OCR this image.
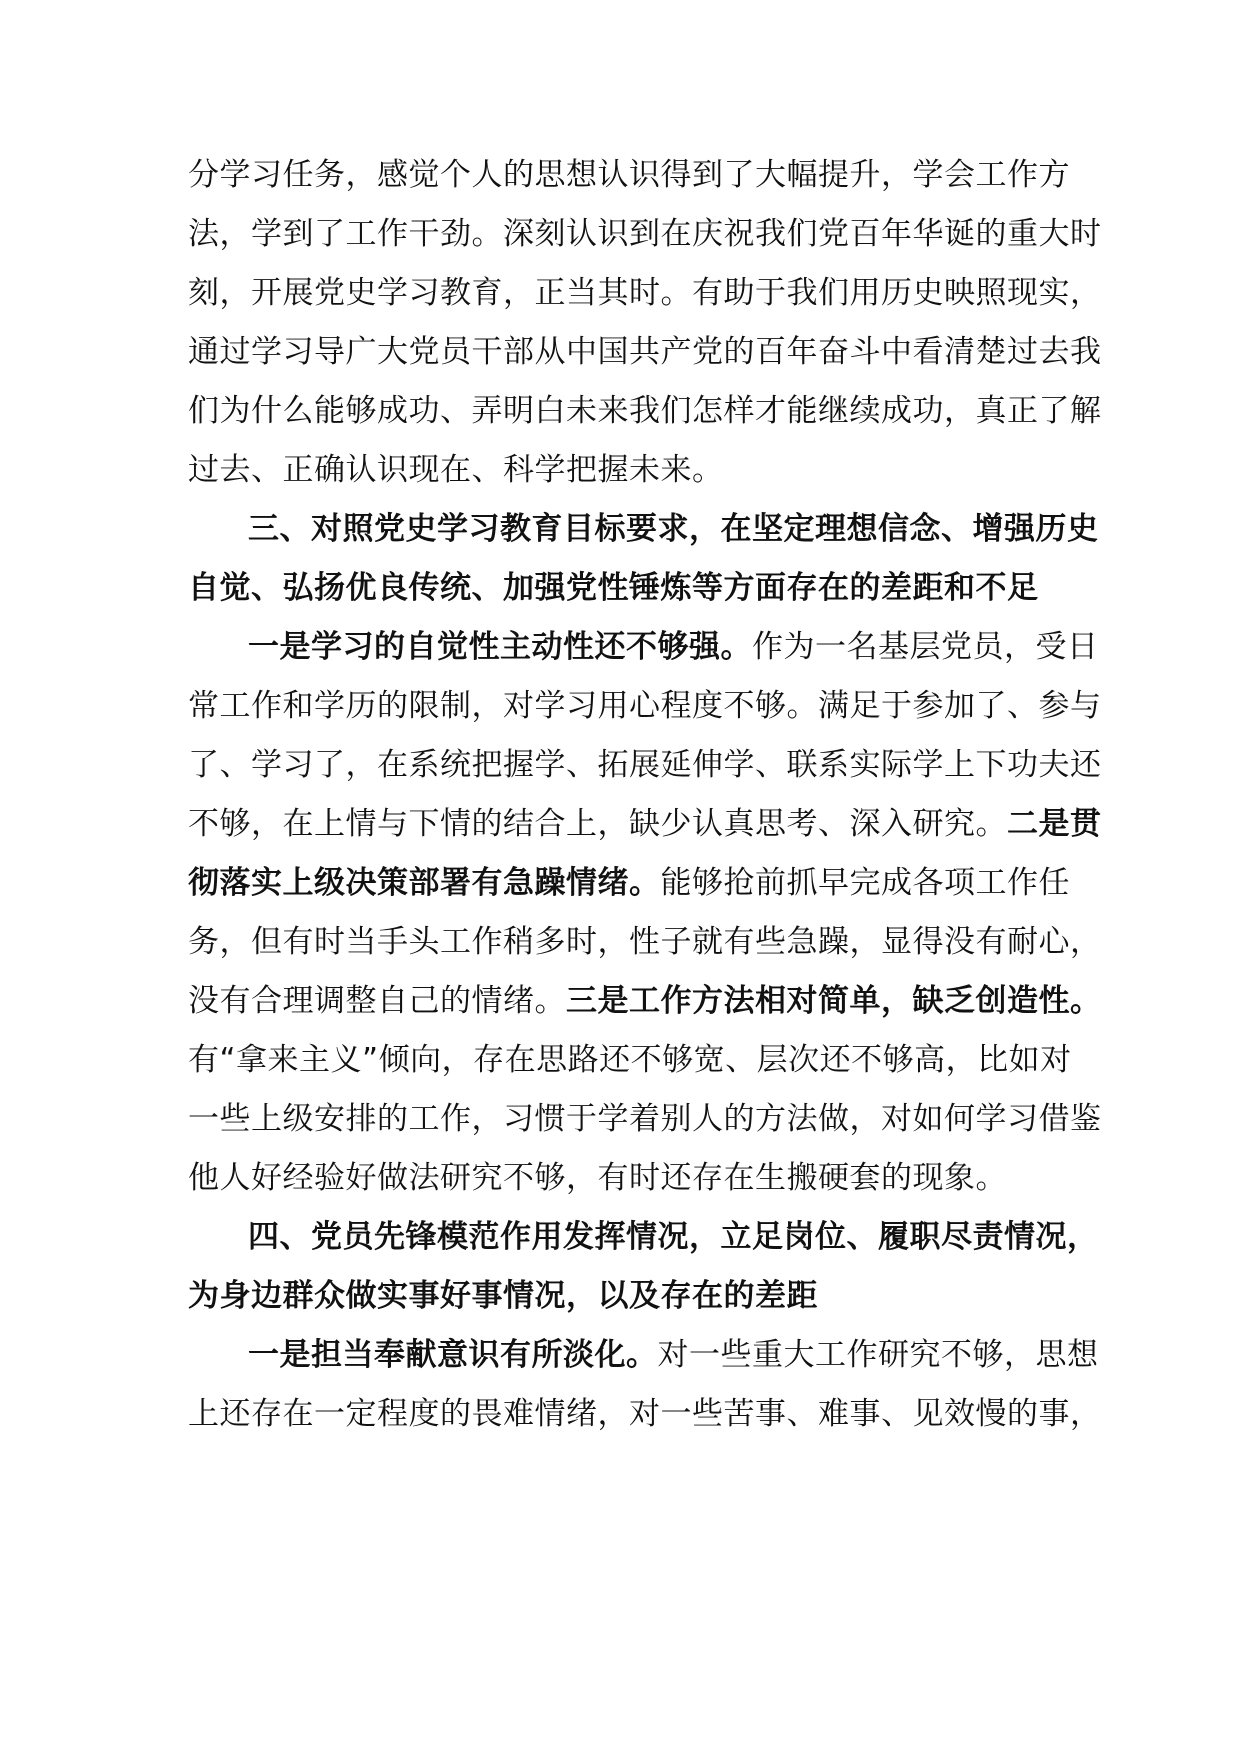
分学习任务，感觉个人的思想认识得到了大幅提升，学会工作方
法，学到了工作干劲。深刻认识到在庆祝我们党百年华诞的重大时
刻，开展党史学习教育，正当其时。有助于我们用历史映照现实，
通过学习导广大党员干部从中国共产党的百年奋斗中看清楚过去我
们为什么能够成功、弄明白未来我们怎样才能继续成功，真正了解
过去、正确认识现在、科学把握未来。
三、对照党史学习教育目标要求，在坚定理想信念、增强历史
自觉、弘扬优良传统、加强党性锤炼等方面存在的差距和不足
一是学习的自觉性主动性还不够强。作为一名基层党员，受日
常工作和学历的限制，对学习用心程度不够。满足于参加了、参与
了、学习了，在系统把握学、拓展延伸学、联系实际学上下功夫还
不够，在上情与下情的结合上，缺少认真思考、深入研究。二是贯
彻落实上级决策部署有急躁情绪。能够抢前抓早完成各项工作任
务，但有时当手头工作稍多时，性子就有些急躁，显得没有耐心，
没有合理调整自己的情绪。三是工作方法相对简单，缺乏创造性。
有“拿来主义”倾向，存在思路还不够宽、层次还不够高，比如对
一些上级安排的工作，习惯于学着别人的方法做，对如何学习借鉴
他人好经验好做法研究不够，有时还存在生搬硬套的现象。
四、党员先锋模范作用发挥情况，立足岗位、履职尽责情况，
为身边群众做实事好事情况，以及存在的差距
一是担当奉献意识有所淡化。对一些重大工作研究不够，思想
上还存在一定程度的畏难情绪，对一些苦事、难事、见效慢的事，
